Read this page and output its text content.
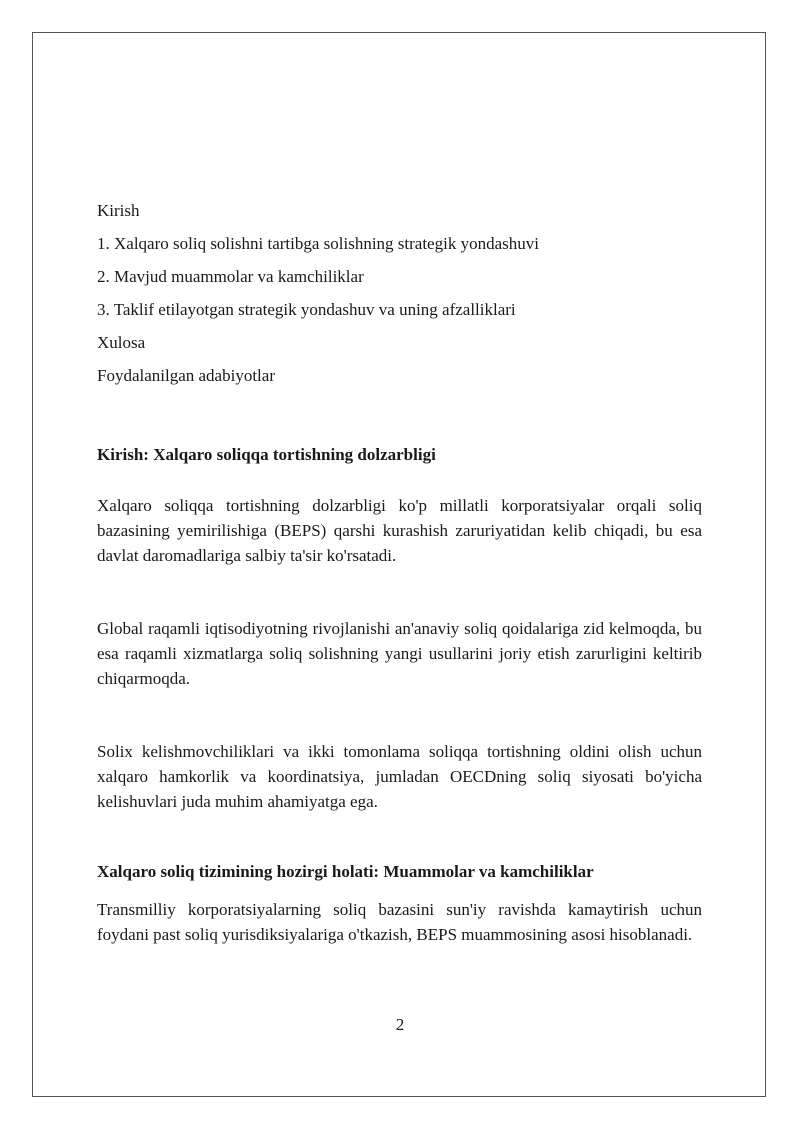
Kirish

1. Xalqaro soliq solishni tartibga solishning strategik yondashuvi

2. Mavjud muammolar va kamchiliklar

3. Taklif etilayotgan strategik yondashuv va uning afzalliklari

Xulosa

Foydalanilgan adabiyotlar

Kirish: Xalqaro soliqqa tortishning dolzarbligi

Xalqaro soliqqa tortishning dolzarbligi ko'p millatli korporatsiyalar orqali soliq bazasining yemirilishiga (BEPS) qarshi kurashish zaruriyatidan kelib chiqadi, bu esa davlat daromadlariga salbiy ta'sir ko'rsatadi.

Global raqamli iqtisodiyotning rivojlanishi an'anaviy soliq qoidalariga zid kelmoqda, bu esa raqamli xizmatlarga soliq solishning yangi usullarini joriy etish zarurligini keltirib chiqarmoqda.

Solix kelishmovchiliklari va ikki tomonlama soliqqa tortishning oldini olish uchun xalqaro hamkorlik va koordinatsiya, jumladan OECDning soliq siyosati bo'yicha kelishuvlari juda muhim ahamiyatga ega.

Xalqaro soliq tizimining hozirgi holati: Muammolar va kamchiliklar

Transmilliy korporatsiyalarning soliq bazasini sun'iy ravishda kamaytirish uchun foydani past soliq yurisdiksiyalariga o'tkazish, BEPS muammosining asosi hisoblanadi.

2
